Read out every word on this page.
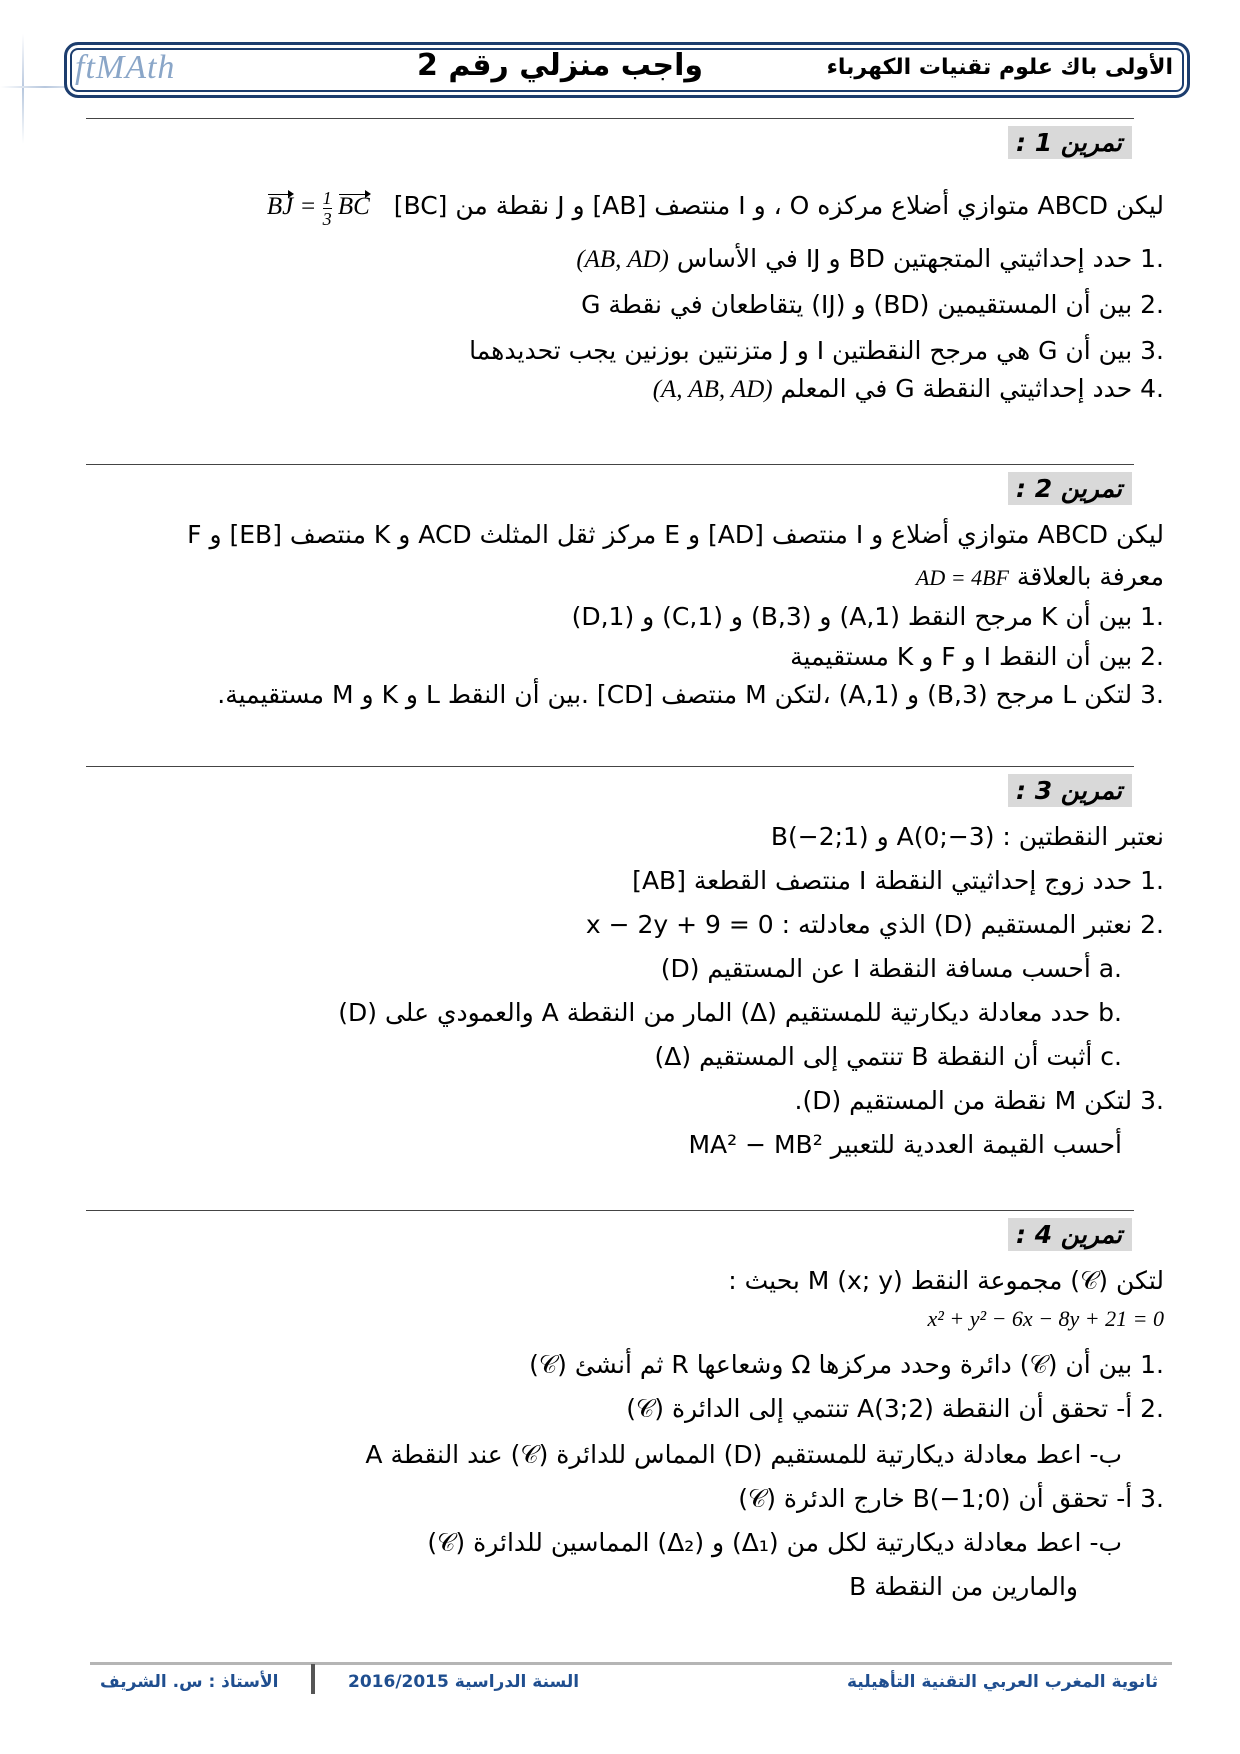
ftMAth	واجب منزلي رقم 2	الأولى باك علوم تقنيات الكهرباء
تمرين 1 :
ليكن ABCD متوازي أضلاع مركزه O ، و I منتصف [AB] و J نقطة من [BC] BJ = $\frac{1}{3}$ BC
.1 حدد إحداثيتي المتجهتين BD و IJ في الأساس (AB, AD)
.2 بين أن المستقيمين (BD) و (IJ) يتقاطعان في نقطة G
.3 بين أن G هي مرجح النقطتين I و J متزنتين بوزنين يجب تحديدهما
.4 حدد إحداثيتي النقطة G في المعلم (A, AB, AD)
تمرين 2 :
ليكن ABCD متوازي أضلاع و I منتصف [AD] و E مركز ثقل المثلث ACD و K منتصف [EB] و F
معرفة بالعلاقة AD = 4BF
.1 بين أن K مرجح النقط (A,1) و (B,3) و (C,1) و (D,1)
.2 بين أن النقط I و F و K مستقيمية
.3 لتكن L مرجح (B,3) و (A,1) ،لتكن M منتصف [CD] .بين أن النقط L و K و M مستقيمية.
تمرين 3 :
نعتبر النقطتين : A(0;−3) و B(−2;1)
.1 حدد زوج إحداثيتي النقطة I منتصف القطعة [AB]
.2 نعتبر المستقيم (D) الذي معادلته : x − 2y + 9 = 0
.a أحسب مسافة النقطة I عن المستقيم (D)
.b حدد معادلة ديكارتية للمستقيم (Δ) المار من النقطة A والعمودي على (D)
.c أثبت أن النقطة B تنتمي إلى المستقيم (Δ)
.3 لتكن M نقطة من المستقيم (D).
أحسب القيمة العددية للتعبير MA² − MB²
تمرين 4 :
لتكن (𝒞) مجموعة النقط M (x; y) بحيث :
x² + y² − 6x − 8y + 21 = 0
.1 بين أن (𝒞) دائرة وحدد مركزها Ω وشعاعها R ثم أنشئ (𝒞)
.2 أ- تحقق أن النقطة A(3;2) تنتمي إلى الدائرة (𝒞)
ب- اعط معادلة ديكارتية للمستقيم (D) المماس للدائرة (𝒞) عند النقطة A
.3 أ- تحقق أن B(−1;0) خارج الدئرة (𝒞)
ب- اعط معادلة ديكارتية لكل من (Δ₁) و (Δ₂) المماسين للدائرة (𝒞)
والمارين من النقطة B
ثانوية المغرب العربي التقنية التأهيلية
السنة الدراسية 2016/2015
الأستاذ : س. الشريف
